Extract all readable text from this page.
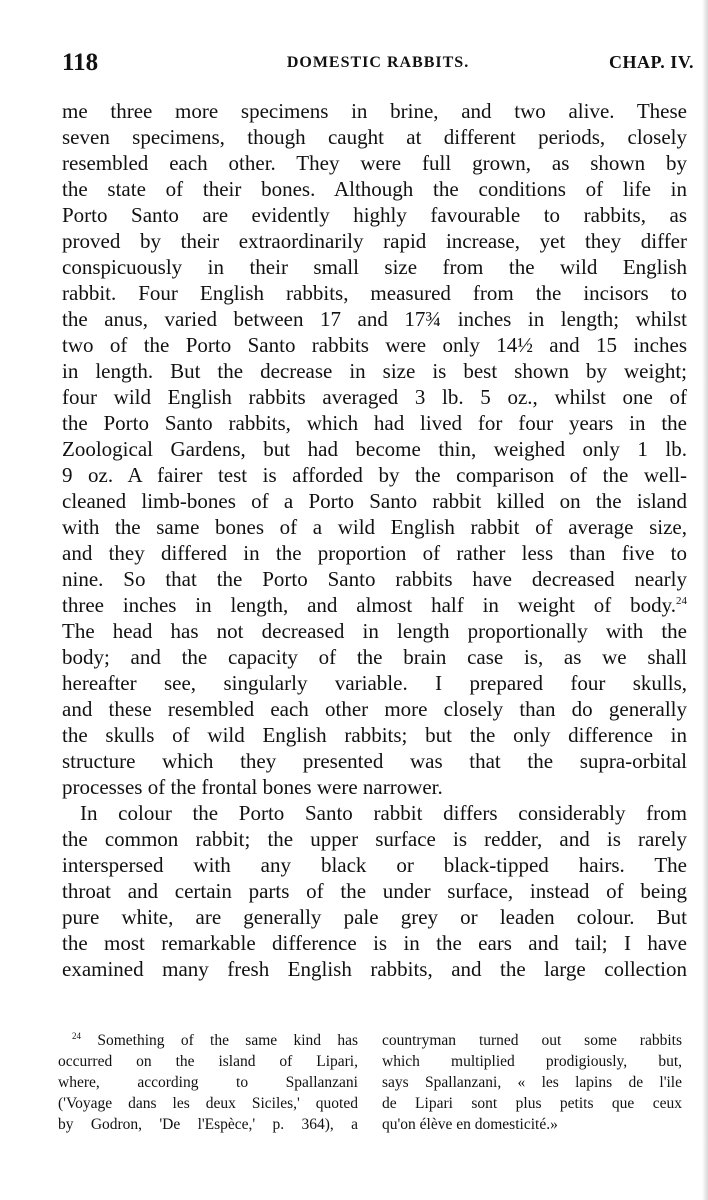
118	DOMESTIC RABBITS.	CHAP. IV.
me three more specimens in brine, and two alive. These
seven specimens, though caught at different periods, closely
resembled each other. They were full grown, as shown by
the state of their bones. Although the conditions of life in
Porto Santo are evidently highly favourable to rabbits, as
proved by their extraordinarily rapid increase, yet they differ
conspicuously in their small size from the wild English
rabbit. Four English rabbits, measured from the incisors to
the anus, varied between 17 and 17¾ inches in length; whilst
two of the Porto Santo rabbits were only 14½ and 15 inches
in length. But the decrease in size is best shown by weight;
four wild English rabbits averaged 3 lb. 5 oz., whilst one of
the Porto Santo rabbits, which had lived for four years in the
Zoological Gardens, but had become thin, weighed only 1 lb.
9 oz. A fairer test is afforded by the comparison of the well-
cleaned limb-bones of a Porto Santo rabbit killed on the island
with the same bones of a wild English rabbit of average size,
and they differed in the proportion of rather less than five to
nine. So that the Porto Santo rabbits have decreased nearly
three inches in length, and almost half in weight of body.$^{24}$
The head has not decreased in length proportionally with the
body; and the capacity of the brain case is, as we shall
hereafter see, singularly variable. I prepared four skulls,
and these resembled each other more closely than do generally
the skulls of wild English rabbits; but the only difference in
structure which they presented was that the supra-orbital
processes of the frontal bones were narrower.
In colour the Porto Santo rabbit differs considerably from
the common rabbit; the upper surface is redder, and is rarely
interspersed with any black or black-tipped hairs. The
throat and certain parts of the under surface, instead of being
pure white, are generally pale grey or leaden colour. But
the most remarkable difference is in the ears and tail; I have
examined many fresh English rabbits, and the large collection
$^{24}$ Something of the same kind has
occurred on the island of Lipari,
where, according to Spallanzani
('Voyage dans les deux Siciles,' quoted
by Godron, 'De l'Espèce,' p. 364), a
countryman turned out some rabbits
which multiplied prodigiously, but,
says Spallanzani, « les lapins de l'ile
de Lipari sont plus petits que ceux
qu'on élève en domesticité.»
